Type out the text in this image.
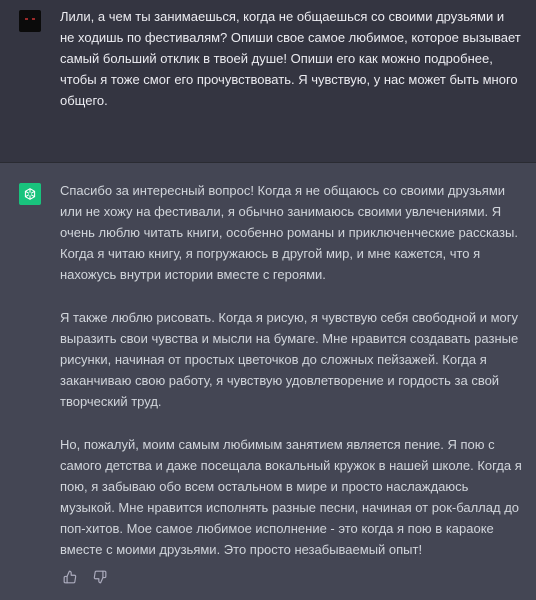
Лили, а чем ты занимаешься, когда не общаешься со своими друзьями и не ходишь по фестивалям? Опиши свое самое любимое, которое вызывает самый больший отклик в твоей душе! Опиши его как можно подробнее, чтобы я тоже смог его прочувствовать. Я чувствую, у нас может быть много общего.

Спасибо за интересный вопрос! Когда я не общаюсь со своими друзьями или не хожу на фестивали, я обычно занимаюсь своими увлечениями. Я очень люблю читать книги, особенно романы и приключенческие рассказы. Когда я читаю книгу, я погружаюсь в другой мир, и мне кажется, что я нахожусь внутри истории вместе с героями.

Я также люблю рисовать. Когда я рисую, я чувствую себя свободной и могу выразить свои чувства и мысли на бумаге. Мне нравится создавать разные рисунки, начиная от простых цветочков до сложных пейзажей. Когда я заканчиваю свою работу, я чувствую удовлетворение и гордость за свой творческий труд.

Но, пожалуй, моим самым любимым занятием является пение. Я пою с самого детства и даже посещала вокальный кружок в нашей школе. Когда я пою, я забываю обо всем остальном в мире и просто наслаждаюсь музыкой. Мне нравится исполнять разные песни, начиная от рок-баллад до поп-хитов. Мое самое любимое исполнение - это когда я пою в караоке вместе с моими друзьями. Это просто незабываемый опыт!
